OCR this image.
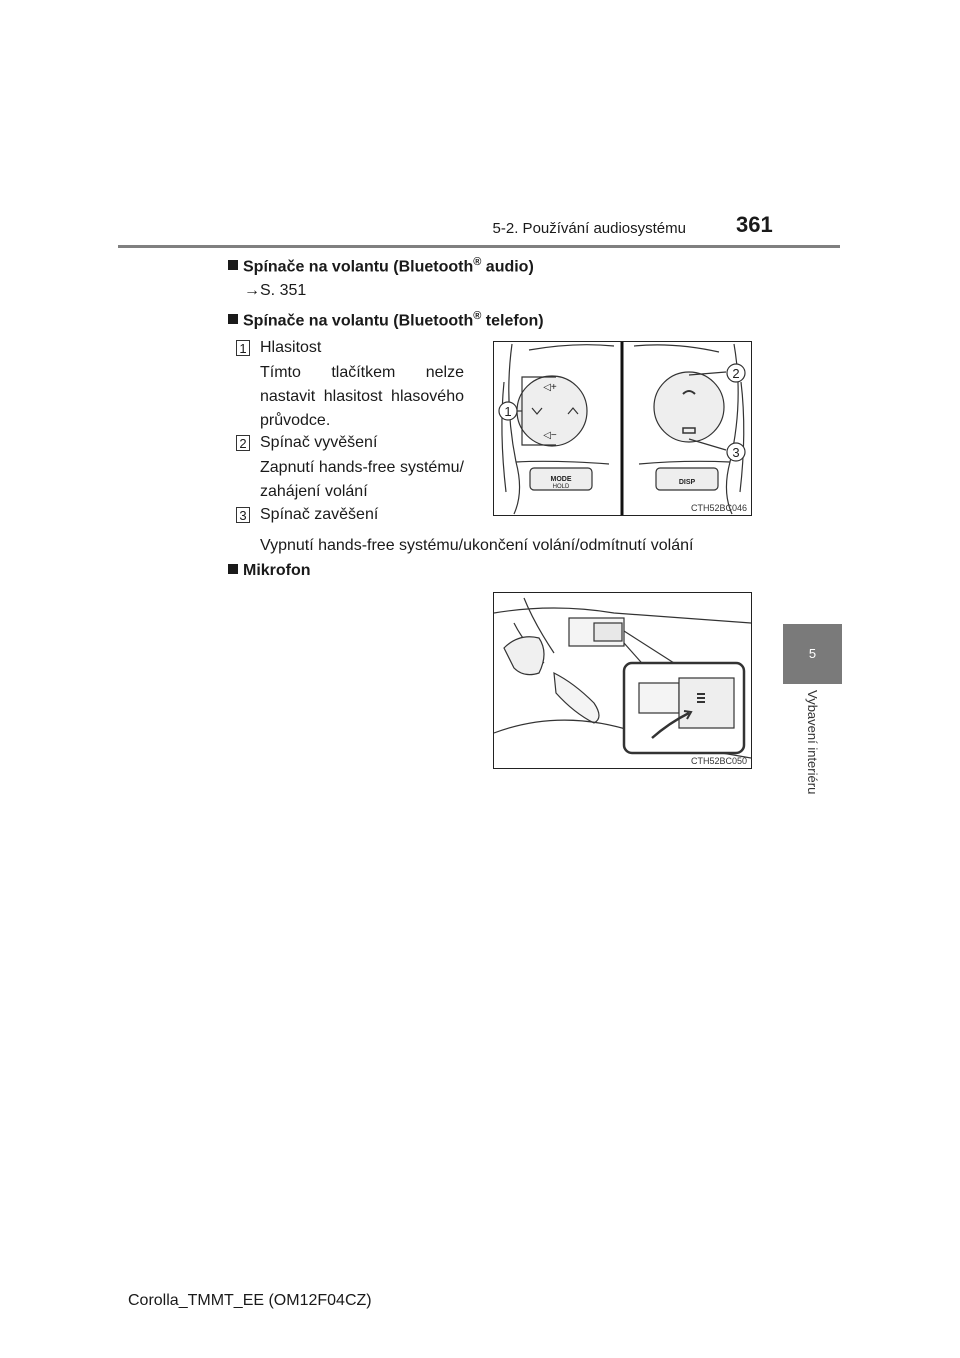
5-2. Používání audiosystému 361
Spínače na volantu (Bluetooth® audio)
→S. 351
Spínače na volantu (Bluetooth® telefon)
1 Hlasitost
Tímto tlačítkem nelze nastavit hlasitost hlasového průvodce.
2 Spínač vyvěšení
Zapnutí hands-free systému/ zahájení volání
3 Spínač zavěšení
Vypnutí hands-free systému/ukončení volání/odmítnutí volání
◁+
◁−
MODE
HOLD
DISP
1
2
3
CTH52BC046
Mikrofon
CTH52BC050
5
Vybavení interiéru
Corolla_TMMT_EE (OM12F04CZ)
